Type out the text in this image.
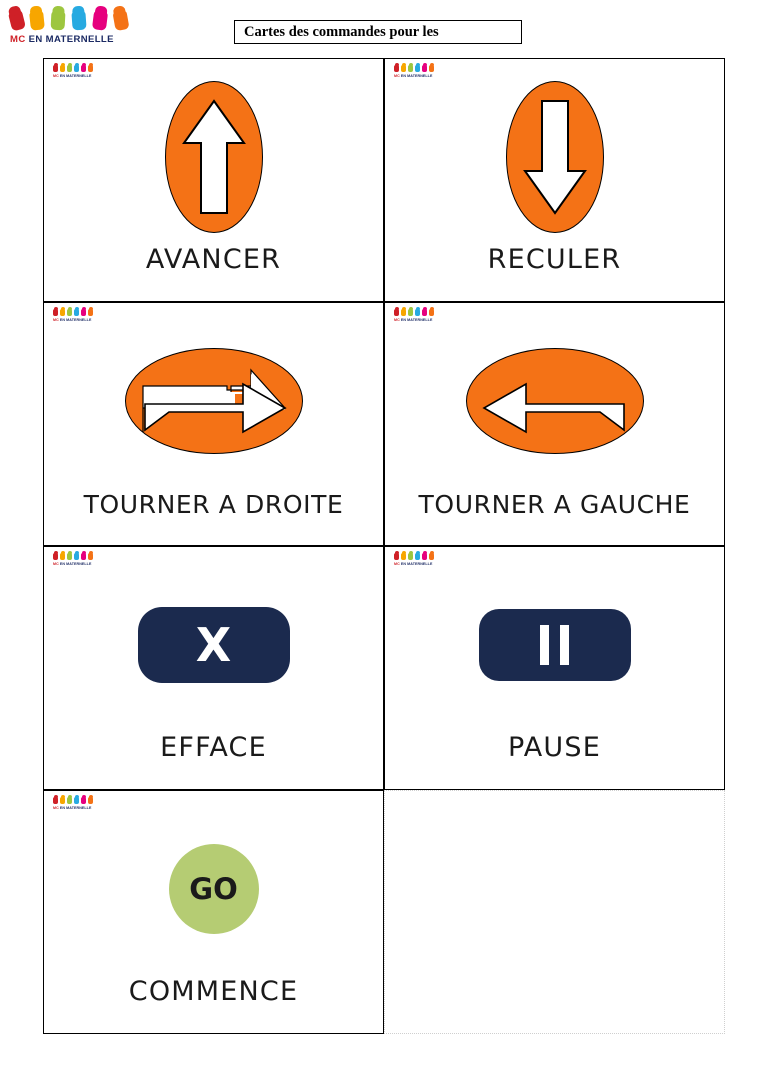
MC EN MATERNELLE	Cartes des commandes pour les
MC EN MATERNELLE
AVANCER
MC EN MATERNELLE
RECULER
MC EN MATERNELLE
TOURNER A DROITE
MC EN MATERNELLE
TOURNER A GAUCHE
MC EN MATERNELLE
X
EFFACE
MC EN MATERNELLE
PAUSE
MC EN MATERNELLE
GO
COMMENCE
